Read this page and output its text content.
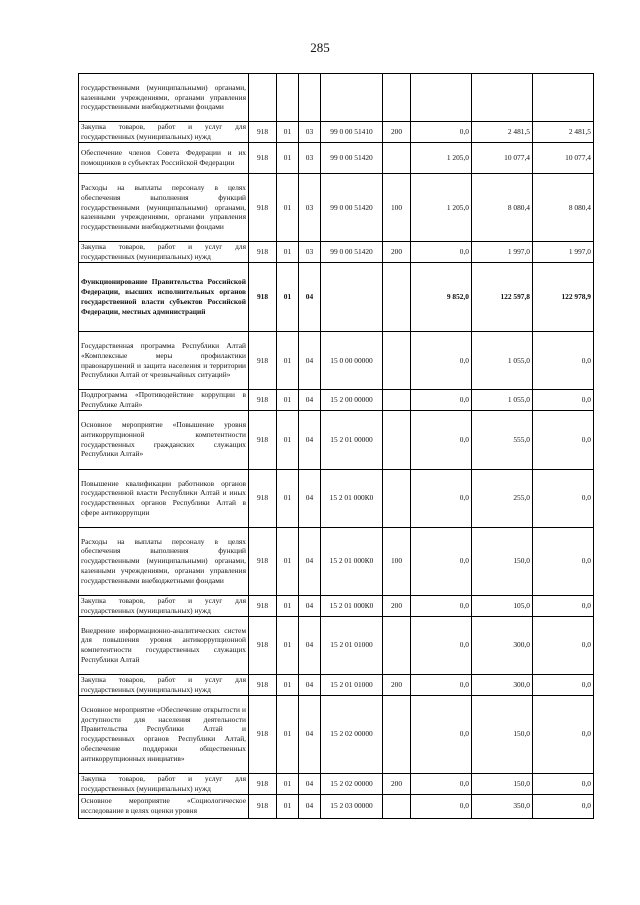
285
государственными (муниципальными) органами, казенными учреждениями, органами управления государственными внебюджетными фондами								
Закупка товаров, работ и услуг для государственных (муниципальных) нужд	918	01	03	99 0 00 51410	200	0,0	2 481,5	2 481,5
Обеспечение членов Совета Федерации и их помощников в субъектах Российской Федерации	918	01	03	99 0 00 51420		1 205,0	10 077,4	10 077,4
Расходы на выплаты персоналу в целях обеспечения выполнения функций государственными (муниципальными) органами, казенными учреждениями, органами управления государственными внебюджетными фондами	918	01	03	99 0 00 51420	100	1 205,0	8 080,4	8 080,4
Закупка товаров, работ и услуг для государственных (муниципальных) нужд	918	01	03	99 0 00 51420	200	0,0	1 997,0	1 997,0
Функционирование Правительства Российской Федерации, высших исполнительных органов государственной власти субъектов Российской Федерации, местных администраций	918	01	04			9 852,0	122 597,8	122 978,9
Государственная программа Республики Алтай «Комплексные меры профилактики правонарушений и защита населения и территории Республики Алтай от чрезвычайных ситуаций»	918	01	04	15 0 00 00000		0,0	1 055,0	0,0
Подпрограмма «Противодействие коррупции в Республике Алтай»	918	01	04	15 2 00 00000		0,0	1 055,0	0,0
Основное мероприятие «Повышение уровня антикоррупционной компетентности государственных гражданских служащих Республики Алтай»	918	01	04	15 2 01 00000		0,0	555,0	0,0
Повышение квалификации работников органов государственной власти Республики Алтай и иных государственных органов Республики Алтай в сфере антикоррупции	918	01	04	15 2 01 000К0		0,0	255,0	0,0
Расходы на выплаты персоналу в целях обеспечения выполнения функций государственными (муниципальными) органами, казенными учреждениями, органами управления государственными внебюджетными фондами	918	01	04	15 2 01 000К0	100	0,0	150,0	0,0
Закупка товаров, работ и услуг для государственных (муниципальных) нужд	918	01	04	15 2 01 000К0	200	0,0	105,0	0,0
Внедрение информационно-аналитических систем для повышения уровня антикоррупционной компетентности государственных служащих Республики Алтай	918	01	04	15 2 01 01000		0,0	300,0	0,0
Закупка товаров, работ и услуг для государственных (муниципальных) нужд	918	01	04	15 2 01 01000	200	0,0	300,0	0,0
Основное мероприятие «Обеспечение открытости и доступности для населения деятельности Правительства Республики Алтай и государственных органов Республики Алтай, обеспечение поддержки общественных антикоррупционных инициатив»	918	01	04	15 2 02 00000		0,0	150,0	0,0
Закупка товаров, работ и услуг для государственных (муниципальных) нужд	918	01	04	15 2 02 00000	200	0,0	150,0	0,0
Основное мероприятие «Социологическое исследование в целях оценки уровня	918	01	04	15 2 03 00000		0,0	350,0	0,0
